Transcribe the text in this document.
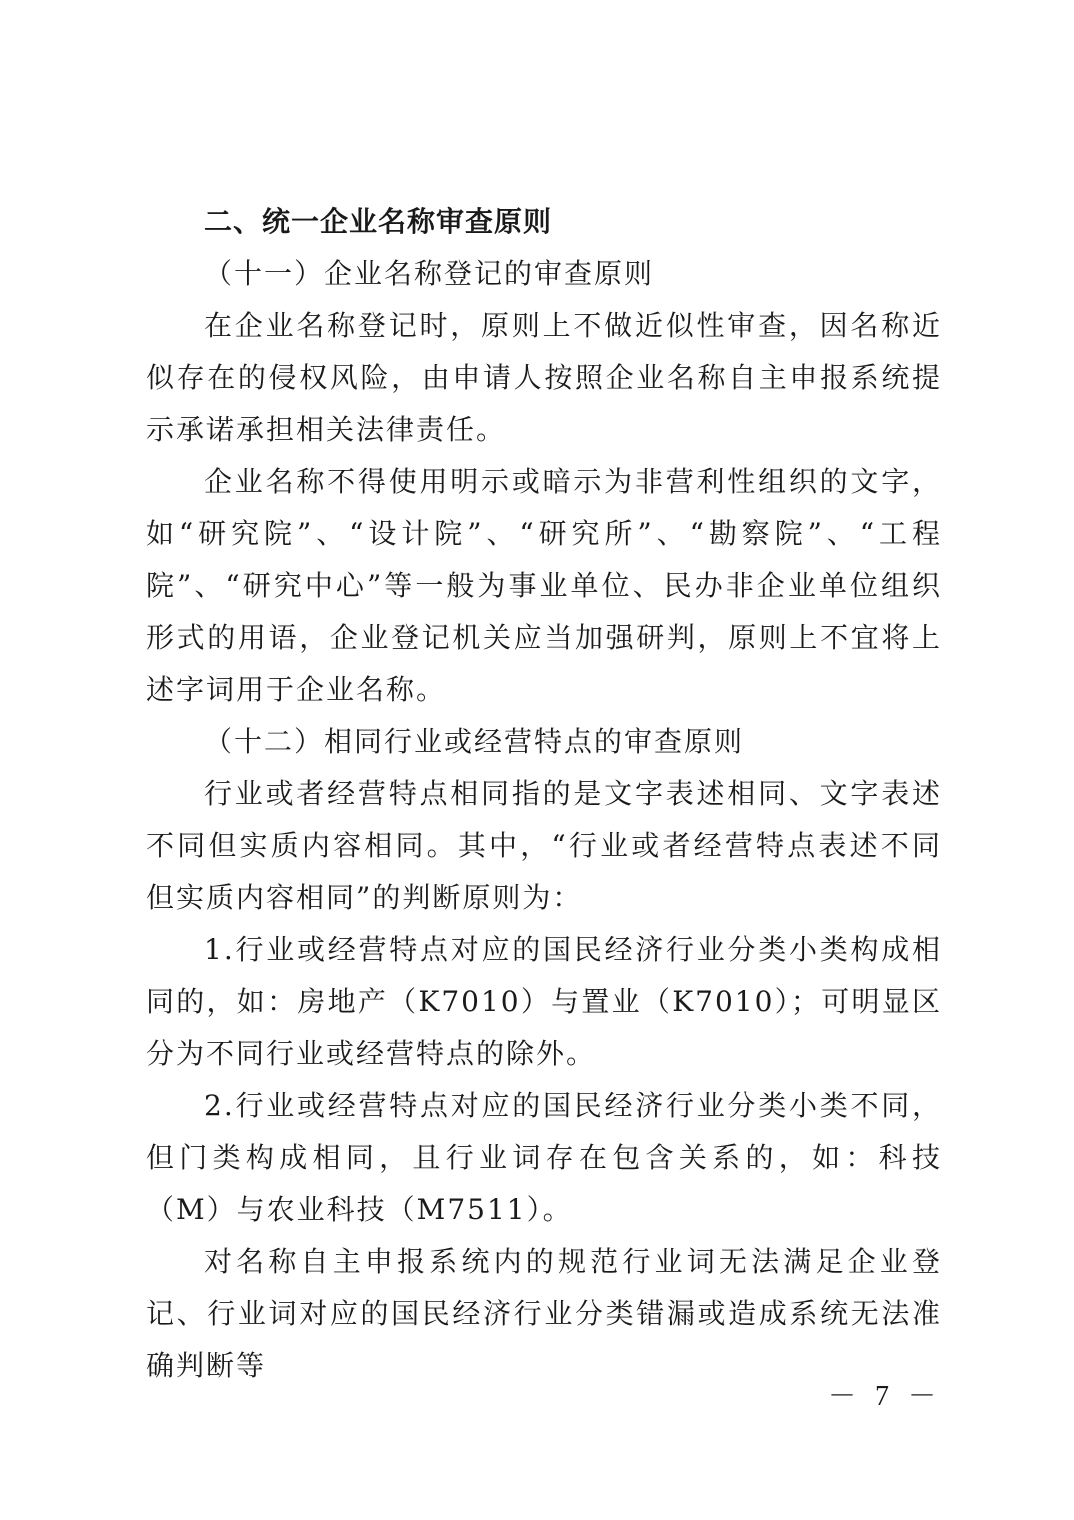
二、统一企业名称审查原则

（十一）企业名称登记的审查原则

在企业名称登记时，原则上不做近似性审查，因名称近似存在的侵权风险，由申请人按照企业名称自主申报系统提示承诺承担相关法律责任。

企业名称不得使用明示或暗示为非营利性组织的文字，如“研究院”、“设计院”、“研究所”、“勘察院”、“工程院”、“研究中心”等一般为事业单位、民办非企业单位组织形式的用语，企业登记机关应当加强研判，原则上不宜将上述字词用于企业名称。

（十二）相同行业或经营特点的审查原则

行业或者经营特点相同指的是文字表述相同、文字表述不同但实质内容相同。其中，“行业或者经营特点表述不同但实质内容相同”的判断原则为：

1.行业或经营特点对应的国民经济行业分类小类构成相同的，如：房地产（K7010）与置业（K7010）；可明显区分为不同行业或经营特点的除外。

2.行业或经营特点对应的国民经济行业分类小类不同，但门类构成相同，且行业词存在包含关系的，如：科技（M）与农业科技（M7511）。

对名称自主申报系统内的规范行业词无法满足企业登记、行业词对应的国民经济行业分类错漏或造成系统无法准确判断等

－ 7 －
